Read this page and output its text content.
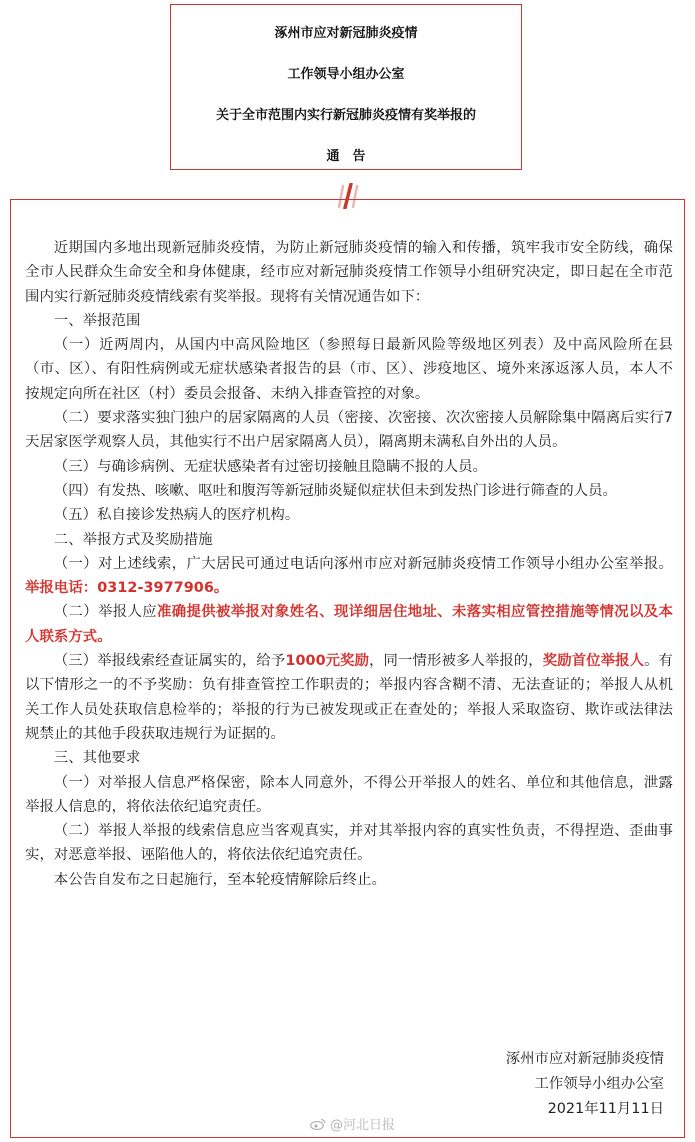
涿州市应对新冠肺炎疫情
工作领导小组办公室
关于全市范围内实行新冠肺炎疫情有奖举报的
通　告

近期国内多地出现新冠肺炎疫情，为防止新冠肺炎疫情的输入和传播，筑牢我市安全防线，确保全市人民群众生命安全和身体健康，经市应对新冠肺炎疫情工作领导小组研究决定，即日起在全市范围内实行新冠肺炎疫情线索有奖举报。现将有关情况通告如下：

一、举报范围

（一）近两周内，从国内中高风险地区（参照每日最新风险等级地区列表）及中高风险所在县（市、区）、有阳性病例或无症状感染者报告的县（市、区）、涉疫地区、境外来涿返涿人员，本人不按规定向所在社区（村）委员会报备、未纳入排查管控的对象。

（二）要求落实独门独户的居家隔离的人员（密接、次密接、次次密接人员解除集中隔离后实行7天居家医学观察人员，其他实行不出户居家隔离人员），隔离期未满私自外出的人员。

（三）与确诊病例、无症状感染者有过密切接触且隐瞒不报的人员。

（四）有发热、咳嗽、呕吐和腹泻等新冠肺炎疑似症状但未到发热门诊进行筛查的人员。

（五）私自接诊发热病人的医疗机构。

二、举报方式及奖励措施

（一）对上述线索，广大居民可通过电话向涿州市应对新冠肺炎疫情工作领导小组办公室举报。举报电话：0312-3977906。

（二）举报人应准确提供被举报对象姓名、现详细居住地址、未落实相应管控措施等情况以及本人联系方式。

（三）举报线索经查证属实的，给予1000元奖励，同一情形被多人举报的，奖励首位举报人。有以下情形之一的不予奖励：负有排查管控工作职责的；举报内容含糊不清、无法查证的；举报人从机关工作人员处获取信息检举的；举报的行为已被发现或正在查处的；举报人采取盗窃、欺诈或法律法规禁止的其他手段获取违规行为证据的。

三、其他要求

（一）对举报人信息严格保密，除本人同意外，不得公开举报人的姓名、单位和其他信息，泄露举报人信息的，将依法依纪追究责任。

（二）举报人举报的线索信息应当客观真实，并对其举报内容的真实性负责，不得捏造、歪曲事实，对恶意举报、诬陷他人的，将依法依纪追究责任。

本公告自发布之日起施行，至本轮疫情解除后终止。

涿州市应对新冠肺炎疫情
工作领导小组办公室
2021年11月11日
@河北日报
